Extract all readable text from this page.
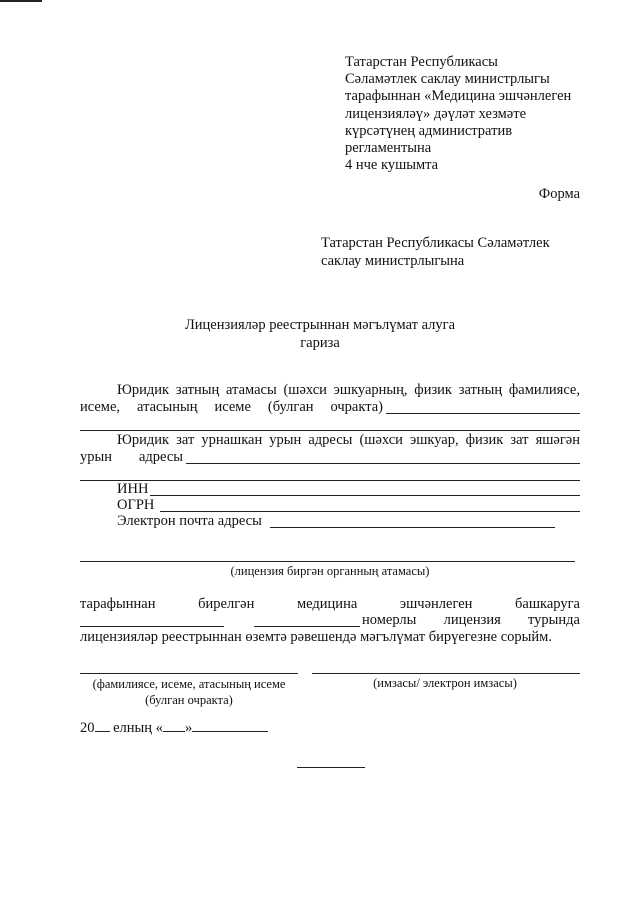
Татарстан Республикасы
Сәламәтлек саклау министрлыгы
тарафыннан «Медицина эшчәнлеген
лицензияләү» дәүләт хезмәте
күрсәтүнең административ
регламентына
4 нче кушымта
Форма
Татарстан Республикасы Сәламәтлек
саклау министрлыгына
Лицензияләр реестрыннан мәгълүмат алуга
гариза
Юридик затның атамасы (шәхси эшкуарның, физик затның фамилиясе,
исеме, атасының исеме (булган очракта)
Юридик зат урнашкан урын адресы (шәхси эшкуар, физик зат яшәгән
урын адресы
ИНН
ОГРН
Электрон почта адресы
(лицензия биргән органның атамасы)
тарафыннан бирелгән медицина эшчәнлеген башкаруга
номерлы лицензия турында
лицензияләр реестрыннан өземтә рәвешендә мәгълүмат бирүегезне сорыйм.
(фамилиясе, исеме, атасының исеме
(булган очракта)
(имзасы/ электрон имзасы)
20 елның « »
